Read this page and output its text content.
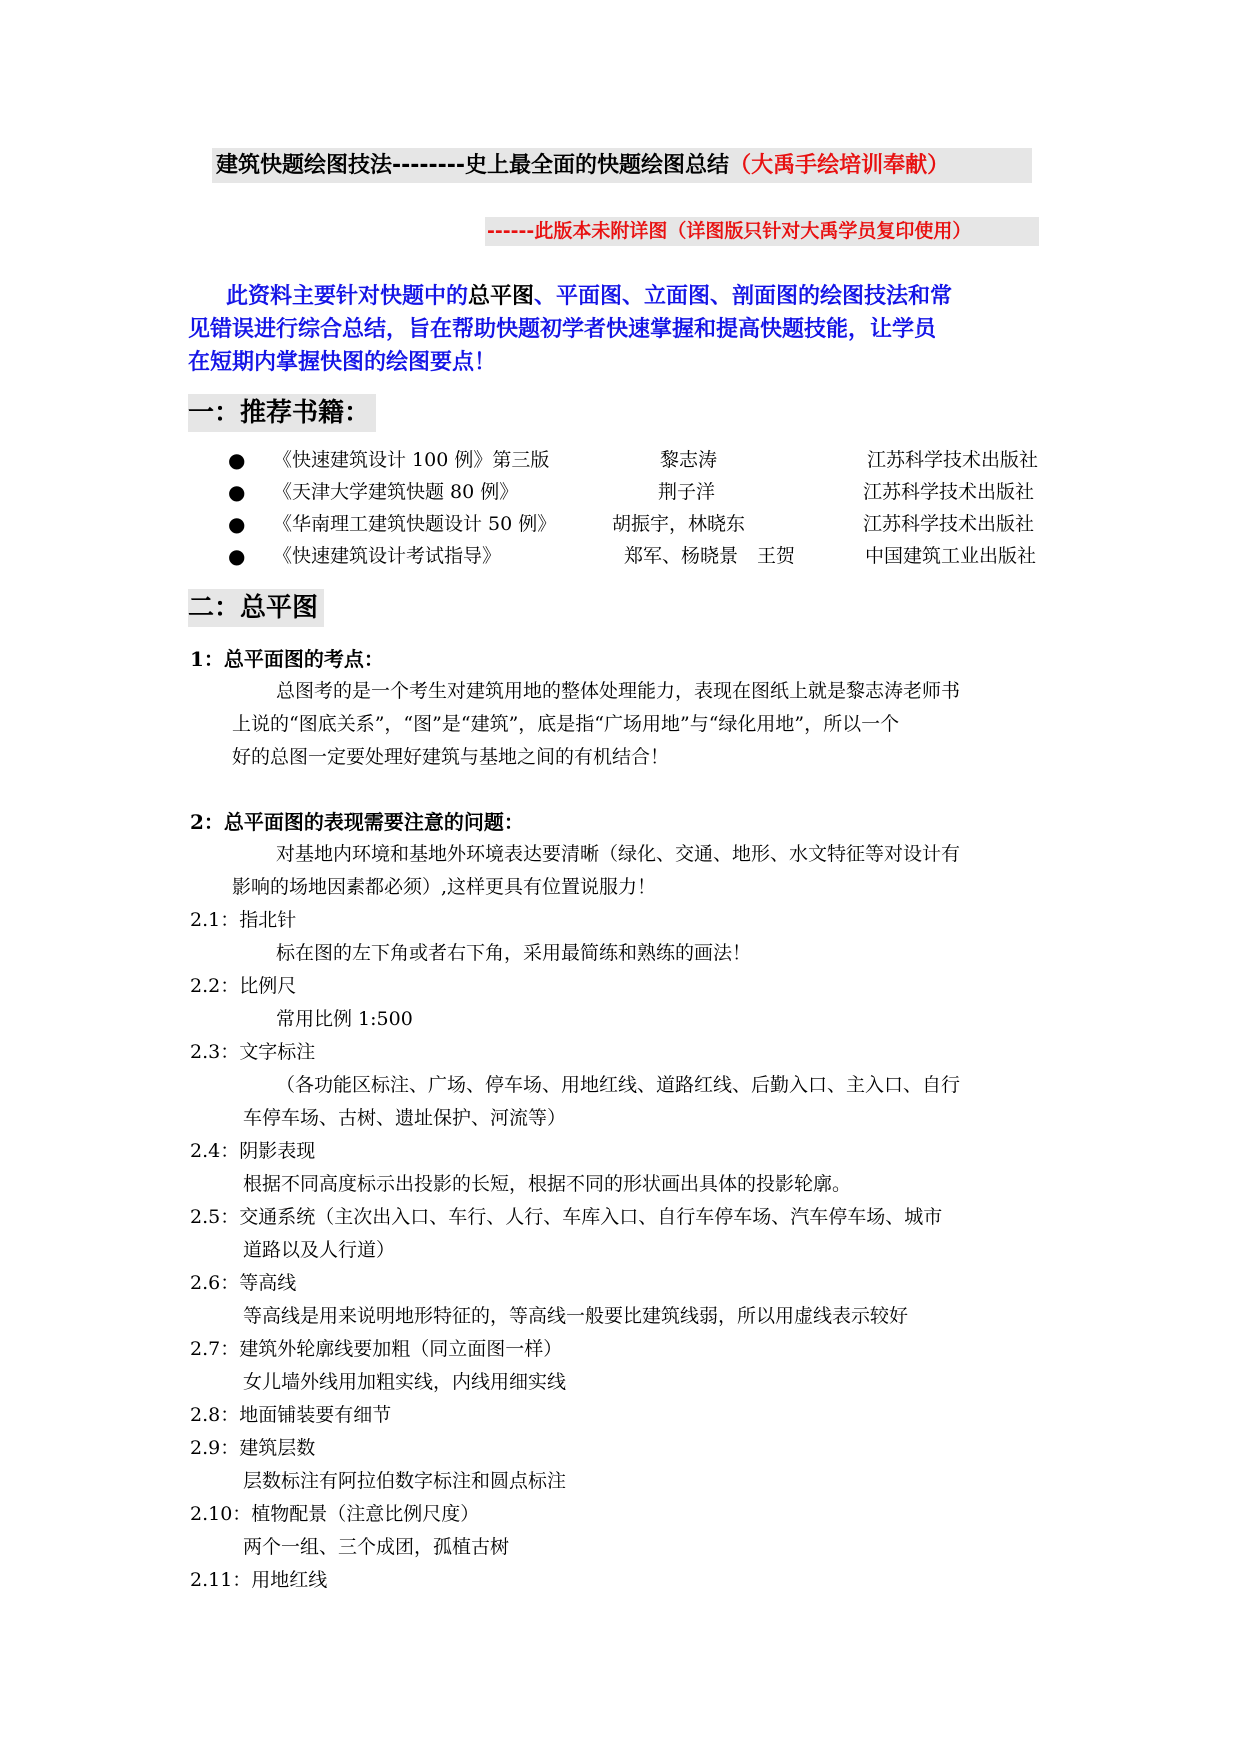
建筑快题绘图技法--------史上最全面的快题绘图总结（大禹手绘培训奉献）
------此版本未附详图（详图版只针对大禹学员复印使用）
此资料主要针对快题中的总平图、平面图、立面图、剖面图的绘图技法和常
见错误进行综合总结，旨在帮助快题初学者快速掌握和提高快题技能，让学员
在短期内掌握快图的绘图要点！
一：推荐书籍：
● 《快速建筑设计 100 例》第三版	黎志涛	江苏科学技术出版社
● 《天津大学建筑快题 80 例》	荆子洋	江苏科学技术出版社
● 《华南理工建筑快题设计 50 例》	胡振宇，林晓东	江苏科学技术出版社
● 《快速建筑设计考试指导》	郑军、杨晓景　王贺	中国建筑工业出版社
二：总平图
1：总平面图的考点：
总图考的是一个考生对建筑用地的整体处理能力，表现在图纸上就是黎志涛老师书
上说的“图底关系”，“图”是“建筑”，底是指“广场用地”与“绿化用地”，所以一个
好的总图一定要处理好建筑与基地之间的有机结合！
2：总平面图的表现需要注意的问题：
对基地内环境和基地外环境表达要清晰（绿化、交通、地形、水文特征等对设计有
影响的场地因素都必须）,这样更具有位置说服力！
2.1：指北针
标在图的左下角或者右下角，采用最简练和熟练的画法！
2.2：比例尺
常用比例 1:500
2.3：文字标注
（各功能区标注、广场、停车场、用地红线、道路红线、后勤入口、主入口、自行
车停车场、古树、遗址保护、河流等）
2.4：阴影表现
根据不同高度标示出投影的长短，根据不同的形状画出具体的投影轮廓。
2.5：交通系统（主次出入口、车行、人行、车库入口、自行车停车场、汽车停车场、城市
道路以及人行道）
2.6：等高线
等高线是用来说明地形特征的，等高线一般要比建筑线弱，所以用虚线表示较好
2.7：建筑外轮廓线要加粗（同立面图一样）
女儿墙外线用加粗实线，内线用细实线
2.8：地面铺装要有细节
2.9：建筑层数
层数标注有阿拉伯数字标注和圆点标注
2.10：植物配景（注意比例尺度）
两个一组、三个成团，孤植古树
2.11：用地红线
